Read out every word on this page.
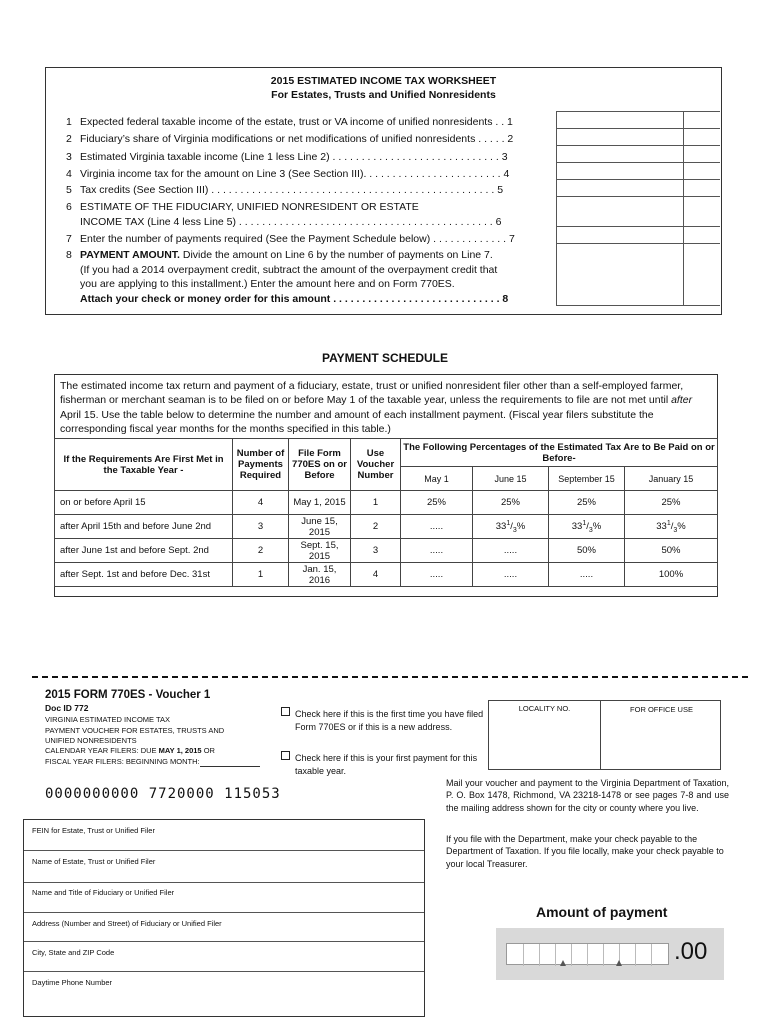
2015 ESTIMATED INCOME TAX WORKSHEET
For Estates, Trusts and Unified Nonresidents
1 Expected federal taxable income of the estate, trust or VA income of unified nonresidents . . 1
2 Fiduciary’s share of Virginia modifications or net modifications of unified nonresidents . . . . . 2
3 Estimated Virginia taxable income (Line 1 less Line 2) . . . . . . . . . . . . . . . . . . . . . . . . . . . . . 3
4 Virginia income tax for the amount on Line 3 (See Section III). . . . . . . . . . . . . . . . . . . . . . . . 4
5 Tax credits (See Section III) . . . . . . . . . . . . . . . . . . . . . . . . . . . . . . . . . . . . . . . . . . . . . . . . . 5
6 ESTIMATE OF THE FIDUCIARY, UNIFIED NONRESIDENT OR ESTATE
INCOME TAX (Line 4 less Line 5) . . . . . . . . . . . . . . . . . . . . . . . . . . . . . . . . . . . . . . . . . . . . 6
7 Enter the number of payments required (See the Payment Schedule below) . . . . . . . . . . . . . 7
8 PAYMENT AMOUNT. Divide the amount on Line 6 by the number of payments on Line 7.
(If you had a 2014 overpayment credit, subtract the amount of the overpayment credit that
you are applying to this installment.) Enter the amount here and on Form 770ES.
Attach your check or money order for this amount . . . . . . . . . . . . . . . . . . . . . . . . . . . . . 8
PAYMENT SCHEDULE
The estimated income tax return and payment of a fiduciary, estate, trust or unified nonresident filer other than a self-employed farmer, fisherman or merchant seaman is to be filed on or before May 1 of the taxable year, unless the requirements to file are not met until after April 15. Use the table below to determine the number and amount of each installment payment. (Fiscal year filers substitute the corresponding fiscal year months for the months specified in this table.)
If the Requirements Are First Met in the Taxable Year -	Number of Payments Required	File Form 770ES on or Before	Use Voucher Number	The Following Percentages of the Estimated Tax Are to Be Paid on or Before-			
				May 1	June 15	September 15	January 15
on or before April 15	4	May 1, 2015	1	25%	25%	25%	25%
after April 15th and before June 2nd	3	June 15, 2015	2	.....	$33^1/_3\%$	$33^1/_3\%$	$33^1/_3\%$
after June 1st and before Sept. 2nd	2	Sept. 15, 2015	3	.....	.....	50%	50%
after Sept. 1st and before Dec. 31st	1	Jan. 15, 2016	4	.....	.....	.....	100%
2015 FORM 770ES - Voucher 1
Doc ID 772
VIRGINIA ESTIMATED INCOME TAX
PAYMENT VOUCHER FOR ESTATES, TRUSTS AND
UNIFIED NONRESIDENTS
CALENDAR YEAR FILERS: DUE MAY 1, 2015 OR
FISCAL YEAR FILERS: BEGINNING MONTH:
Check here if this is the first time you have filed Form 770ES or if this is a new address.
Check here if this is your first payment for this taxable year.
0000000000 7720000 115053
LOCALITY NO.	FOR OFFICE USE
Mail your voucher and payment to the Virginia Department of Taxation, P. O. Box 1478, Richmond, VA 23218-1478 or see pages 7-8 and use the mailing address shown for the city or county where you live.
If you file with the Department, make your check payable to the Department of Taxation. If you file locally, make your check payable to your local Treasurer.
FEIN for Estate, Trust or Unified Filer
Name of Estate, Trust or Unified Filer
Name and Title of Fiduciary or Unified Filer
Address (Number and Street) of Fiduciary or Unified Filer
City, State and ZIP Code
Daytime Phone Number
Amount of payment
.00
